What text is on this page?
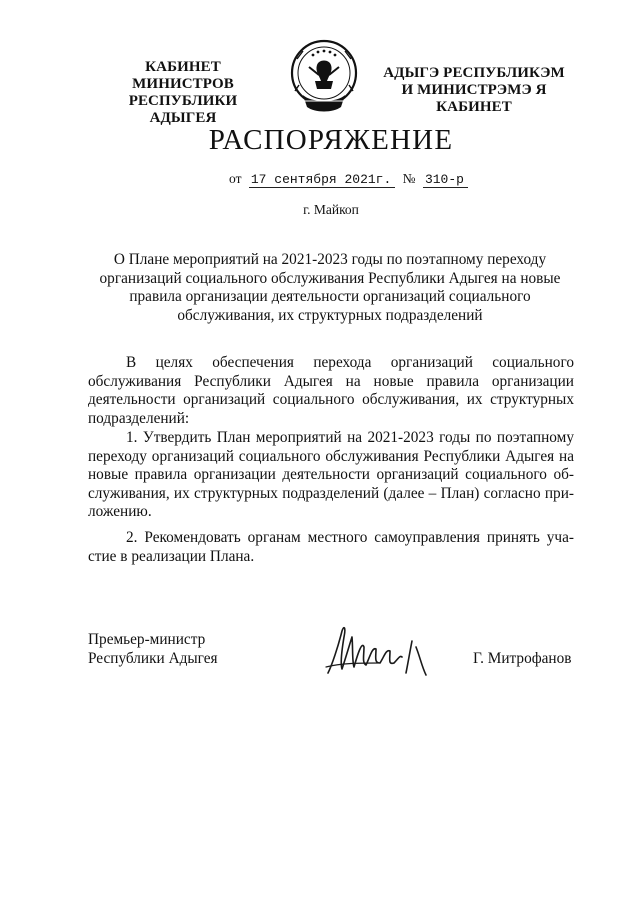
КАБИНЕТ МИНИСТРОВ
РЕСПУБЛИКИ АДЫГЕЯ
АДЫГЭ РЕСПУБЛИКЭМ
И МИНИСТРЭМЭ Я КАБИНЕТ
РАСПОРЯЖЕНИЕ
от 17 сентября 2021г. № 310-р
г. Майкоп
О Плане мероприятий на 2021-2023 годы по поэтапному переходу
организаций социального обслуживания Республики Адыгея на новые
правила организации деятельности организаций социального
обслуживания, их структурных подразделений

В целях обеспечения перехода организаций социального обслуживания Республики Адыгея на новые правила организации деятельности организаций социального обслуживания, их структурных подразделений:

1. Утвердить План мероприятий на 2021-2023 годы по поэтапному переходу организаций социального обслуживания Республики Адыгея на новые правила организации деятельности организаций социального обслуживания, их структурных подразделений (далее – План) согласно приложению.

2. Рекомендовать органам местного самоуправления принять участие в реализации Плана.

Премьер-министр
Республики Адыгея	Г. Митрофанов
